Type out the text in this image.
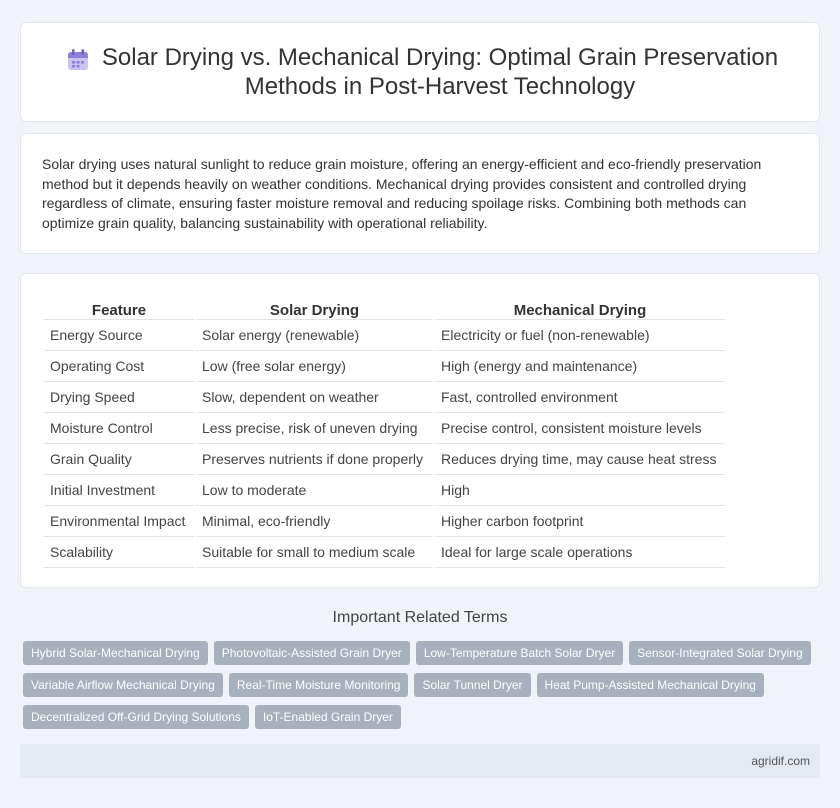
Solar Drying vs. Mechanical Drying: Optimal Grain Preservation Methods in Post-Harvest Technology

Solar drying uses natural sunlight to reduce grain moisture, offering an energy-efficient and eco-friendly preservation method but it depends heavily on weather conditions. Mechanical drying provides consistent and controlled drying regardless of climate, ensuring faster moisture removal and reducing spoilage risks. Combining both methods can optimize grain quality, balancing sustainability with operational reliability.

Feature	Solar Drying	Mechanical Drying
Energy Source	Solar energy (renewable)	Electricity or fuel (non-renewable)
Operating Cost	Low (free solar energy)	High (energy and maintenance)
Drying Speed	Slow, dependent on weather	Fast, controlled environment
Moisture Control	Less precise, risk of uneven drying	Precise control, consistent moisture levels
Grain Quality	Preserves nutrients if done properly	Reduces drying time, may cause heat stress
Initial Investment	Low to moderate	High
Environmental Impact	Minimal, eco-friendly	Higher carbon footprint
Scalability	Suitable for small to medium scale	Ideal for large scale operations
Important Related Terms
Hybrid Solar-Mechanical Drying	Photovoltaic-Assisted Grain Dryer	Low-Temperature Batch Solar Dryer	Sensor-Integrated Solar Drying
Variable Airflow Mechanical Drying	Real-Time Moisture Monitoring	Solar Tunnel Dryer	Heat Pump-Assisted Mechanical Drying
Decentralized Off-Grid Drying Solutions	IoT-Enabled Grain Dryer
agridif.com
